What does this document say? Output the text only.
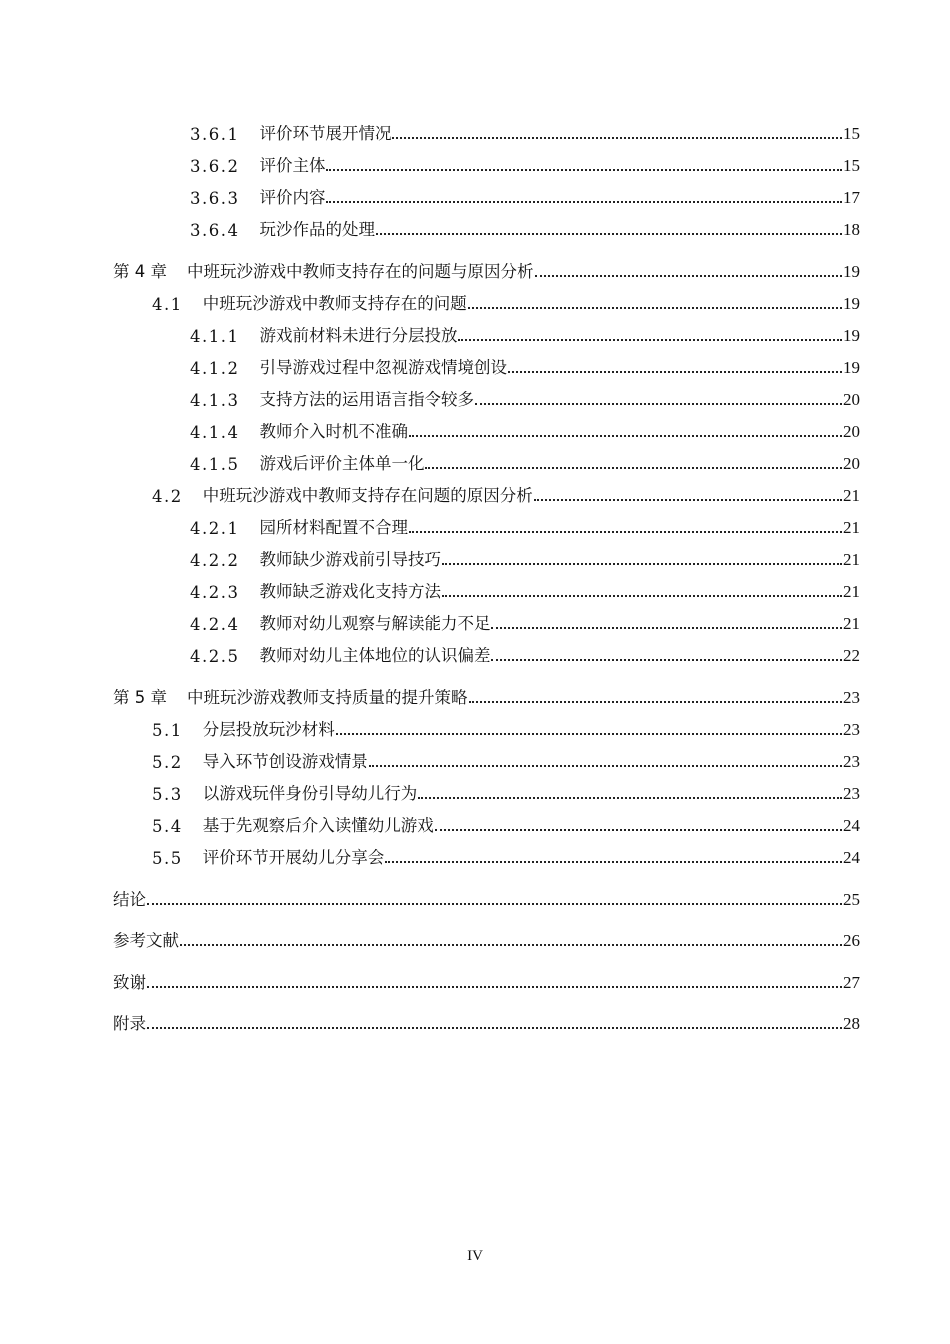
3.6.1 评价环节展开情况	15
3.6.2 评价主体	15
3.6.3 评价内容	17
3.6.4 玩沙作品的处理	18
第 4 章 中班玩沙游戏中教师支持存在的问题与原因分析	19
4.1 中班玩沙游戏中教师支持存在的问题	19
4.1.1 游戏前材料未进行分层投放	19
4.1.2 引导游戏过程中忽视游戏情境创设	19
4.1.3 支持方法的运用语言指令较多	20
4.1.4 教师介入时机不准确	20
4.1.5 游戏后评价主体单一化	20
4.2 中班玩沙游戏中教师支持存在问题的原因分析	21
4.2.1 园所材料配置不合理	21
4.2.2 教师缺少游戏前引导技巧	21
4.2.3 教师缺乏游戏化支持方法	21
4.2.4 教师对幼儿观察与解读能力不足	21
4.2.5 教师对幼儿主体地位的认识偏差	22
第 5 章 中班玩沙游戏教师支持质量的提升策略	23
5.1 分层投放玩沙材料	23
5.2 导入环节创设游戏情景	23
5.3 以游戏玩伴身份引导幼儿行为	23
5.4 基于先观察后介入读懂幼儿游戏	24
5.5 评价环节开展幼儿分享会	24
结论	25
参考文献	26
致谢	27
附录	28
IV
